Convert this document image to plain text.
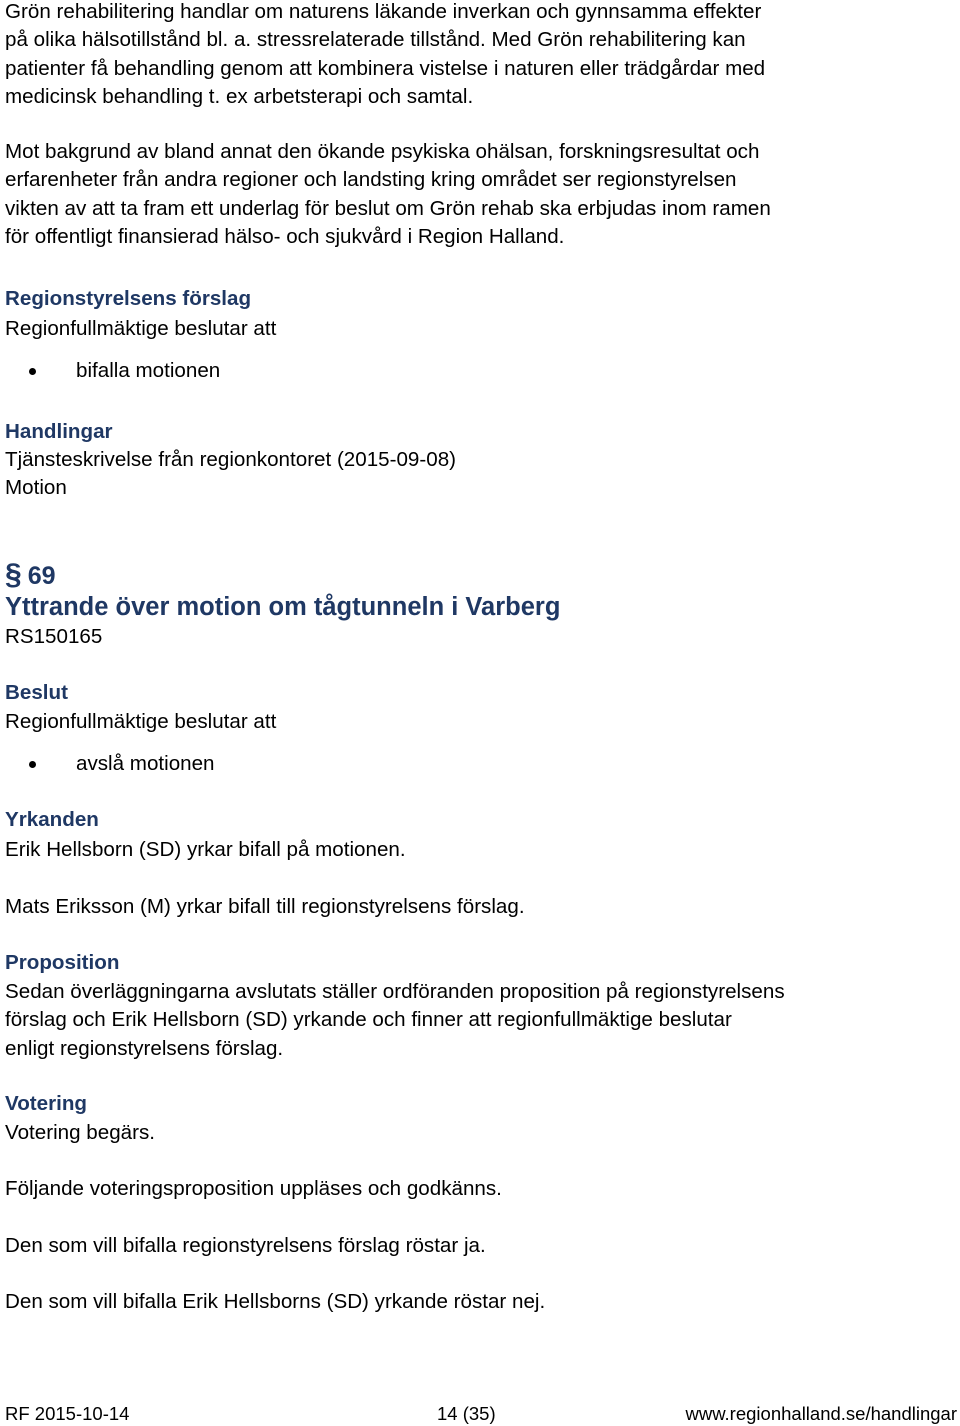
Grön rehabilitering handlar om naturens läkande inverkan och gynnsamma effekter
på olika hälsotillstånd bl. a. stressrelaterade tillstånd. Med Grön rehabilitering kan
patienter få behandling genom att kombinera vistelse i naturen eller trädgårdar med
medicinsk behandling t. ex arbetsterapi och samtal.

Mot bakgrund av bland annat den ökande psykiska ohälsan, forskningsresultat och
erfarenheter från andra regioner och landsting kring området ser regionstyrelsen
vikten av att ta fram ett underlag för beslut om Grön rehab ska erbjudas inom ramen
för offentligt finansierad hälso- och sjukvård i Region Halland.

Regionstyrelsens förslag

Regionfullmäktige beslutar att

bifalla motionen

Handlingar

Tjänsteskrivelse från regionkontoret (2015-09-08)

Motion

§ 69

Yttrande över motion om tågtunneln i Varberg

RS150165

Beslut

Regionfullmäktige beslutar att

avslå motionen

Yrkanden

Erik Hellsborn (SD) yrkar bifall på motionen.

Mats Eriksson (M) yrkar bifall till regionstyrelsens förslag.

Proposition

Sedan överläggningarna avslutats ställer ordföranden proposition på regionstyrelsens
förslag och Erik Hellsborn (SD) yrkande och finner att regionfullmäktige beslutar
enligt regionstyrelsens förslag.

Votering

Votering begärs.

Följande voteringsproposition uppläses och godkänns.

Den som vill bifalla regionstyrelsens förslag röstar ja.

Den som vill bifalla Erik Hellsborns (SD) yrkande röstar nej.

RF 2015-10-14	14 (35)	www.regionhalland.se/handlingar
